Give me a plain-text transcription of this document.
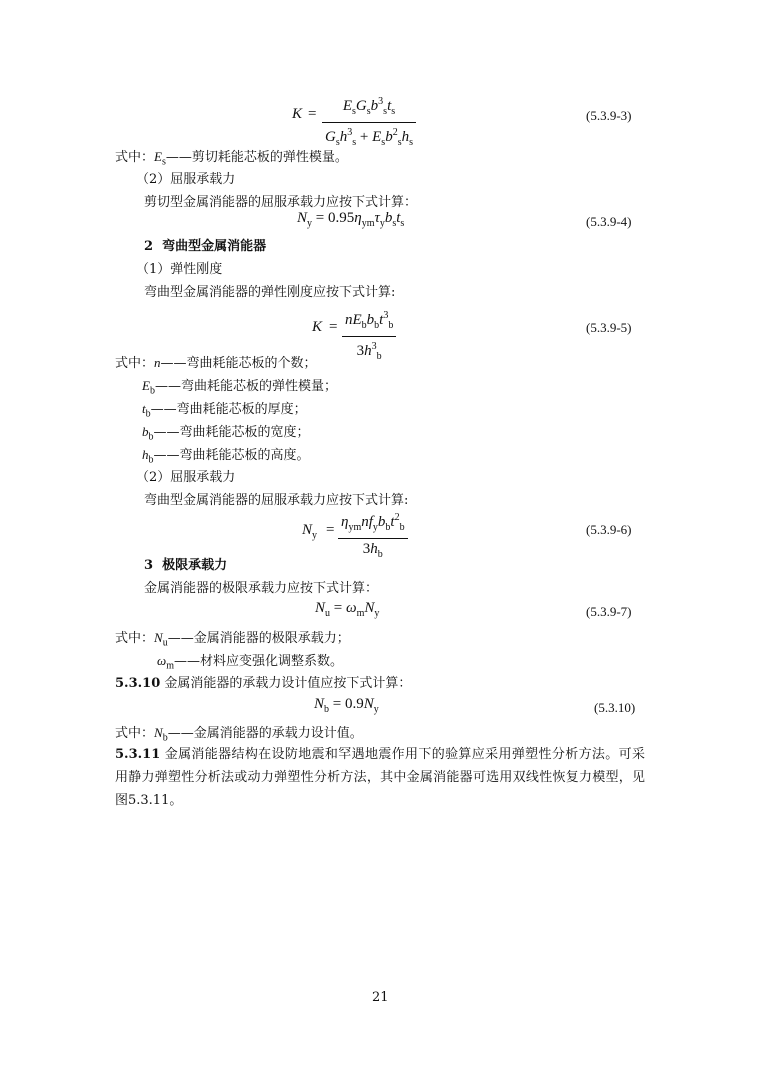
$K = E_sG_sb^3_st_s$
$G_sh^3_s + E_sb^2_sh_s$
(5.3.9-3)
式中：$E_s——$剪切耗能芯板的弹性模量。
（2）屈服承载力
剪切型金属消能器的屈服承载力应按下式计算：
$N_y = 0.95\eta_{ym}\tau_yb_st_s$	(5.3.9-4)
2 弯曲型金属消能器
（1）弹性刚度
弯曲型金属消能器的弹性刚度应按下式计算:
$K = nE_bb_bt^3_b$
$3h^3_b$
(5.3.9-5)
式中：n——弯曲耗能芯板的个数；
$E_b——$弯曲耗能芯板的弹性模量；
$t_b——$弯曲耗能芯板的厚度；
$b_b——$弯曲耗能芯板的宽度；
$h_b——$弯曲耗能芯板的高度。
（2）屈服承载力
弯曲型金属消能器的屈服承载力应按下式计算:
$N_y = \eta_{ym}nf_yb_bt^2_b$
$3h_b$
(5.3.9-6)
3 极限承载力
金属消能器的极限承载力应按下式计算：
$N_u = \omega_mN_y$	(5.3.9-7)
式中：$N_u——$金属消能器的极限承载力；
$\omega_m——$材料应变强化调整系数。
5.3.10 金属消能器的承载力设计值应按下式计算：
$N_b = 0.9N_y$	(5.3.10)
式中：$N_b——$金属消能器的承载力设计值。
5.3.11 金属消能器结构在设防地震和罕遇地震作用下的验算应采用弹塑性分析方法。可采用静力弹塑性分析法或动力弹塑性分析方法，其中金属消能器可选用双线性恢复力模型，见图5.3.11。
21
